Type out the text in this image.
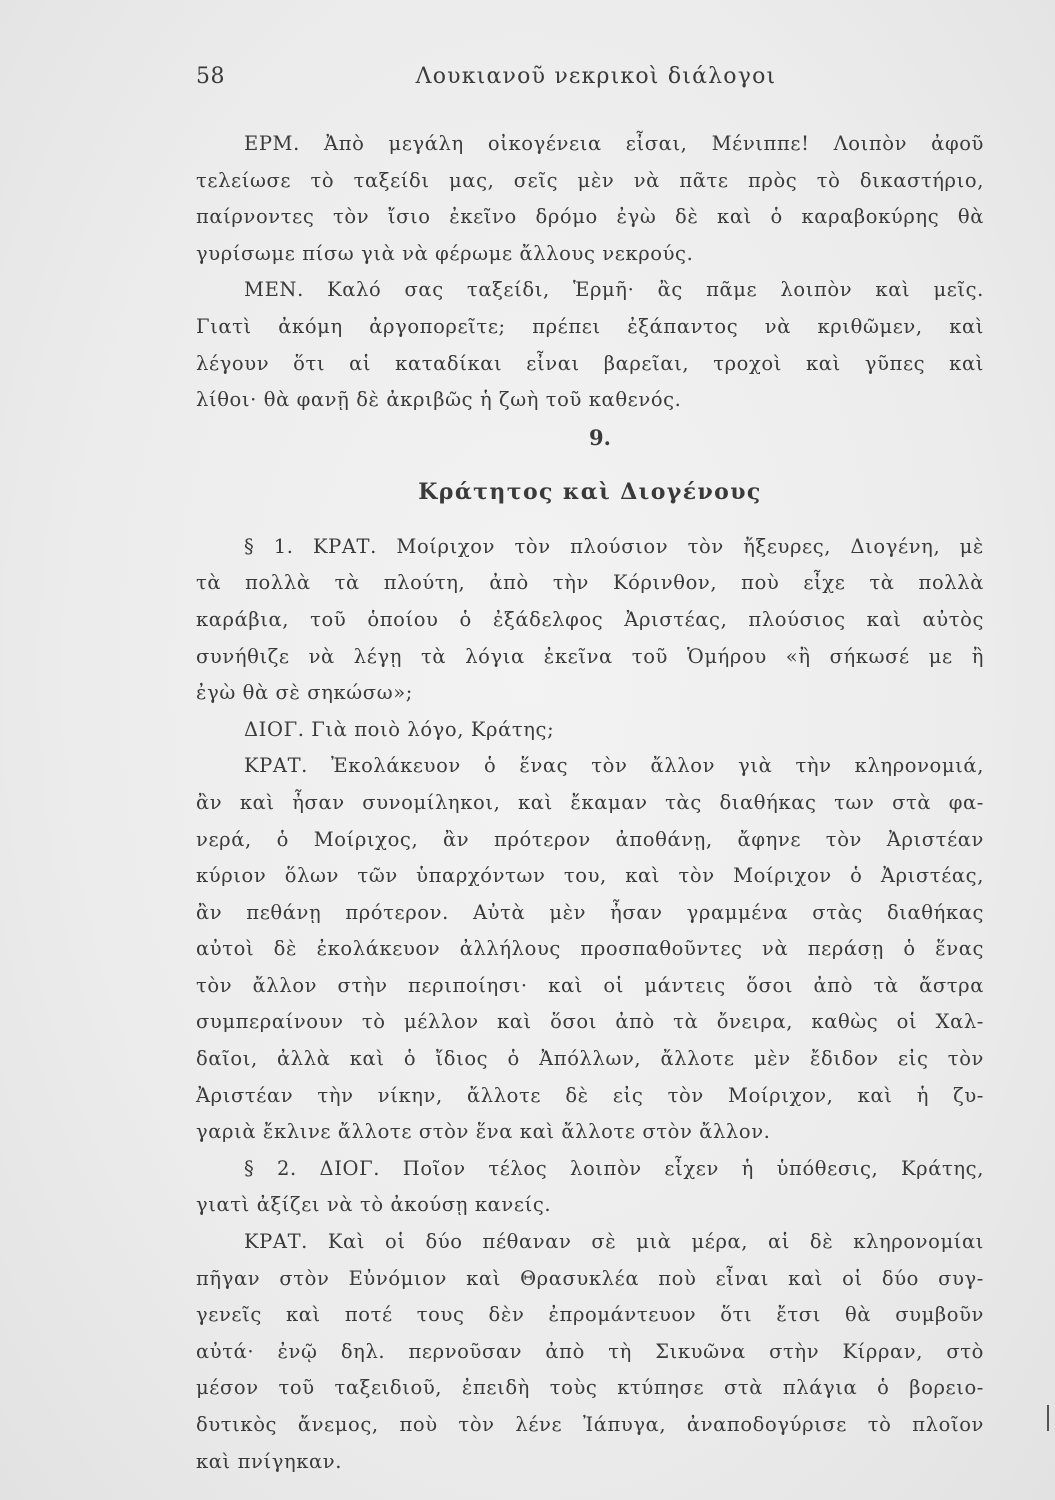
58	Λουκιανοῦ νεκρικοὶ διάλογοι
ΕΡΜ. Ἀπὸ μεγάλη οἰκογένεια εἶσαι, Μένιππε! Λοιπὸν ἀφοῦ
τελείωσε τὸ ταξείδι μας, σεῖς μὲν νὰ πᾶτε πρὸς τὸ δικαστήριο,
παίρνοντες τὸν ἴσιο ἐκεῖνο δρόμο ἐγὼ δὲ καὶ ὁ καραβοκύρης θὰ
γυρίσωμε πίσω γιὰ νὰ φέρωμε ἄλλους νεκρούς.
ΜΕΝ. Καλό σας ταξείδι, Ἑρμῆ· ἂς πᾶμε λοιπὸν καὶ μεῖς.
Γιατὶ ἀκόμη ἀργοπορεῖτε; πρέπει ἐξάπαντος νὰ κριθῶμεν, καὶ
λέγουν ὅτι αἱ καταδίκαι εἶναι βαρεῖαι, τροχοὶ καὶ γῦπες καὶ
λίθοι· θὰ φανῇ δὲ ἀκριβῶς ἡ ζωὴ τοῦ καθενός.
9.
Κράτητος καὶ Διογένους
§ 1. ΚΡΑΤ. Μοίριχον τὸν πλούσιον τὸν ἤξευρες, Διογένη, μὲ
τὰ πολλὰ τὰ πλούτη, ἀπὸ τὴν Κόρινθον, ποὺ εἶχε τὰ πολλὰ
καράβια, τοῦ ὁποίου ὁ ἐξάδελφος Ἀριστέας, πλούσιος καὶ αὐτὸς
συνήθιζε νὰ λέγῃ τὰ λόγια ἐκεῖνα τοῦ Ὁμήρου «ἢ σήκωσέ με ἢ
ἐγὼ θὰ σὲ σηκώσω»;
ΔΙΟΓ. Γιὰ ποιὸ λόγο, Κράτης;
ΚΡΑΤ. Ἐκολάκευον ὁ ἕνας τὸν ἄλλον γιὰ τὴν κληρονομιά,
ἂν καὶ ἦσαν συνομίληκοι, καὶ ἔκαμαν τὰς διαθήκας των στὰ φα-
νερά, ὁ Μοίριχος, ἂν πρότερον ἀποθάνῃ, ἄφηνε τὸν Ἀριστέαν
κύριον ὅλων τῶν ὑπαρχόντων του, καὶ τὸν Μοίριχον ὁ Ἀριστέας,
ἂν πεθάνῃ πρότερον. Αὐτὰ μὲν ἦσαν γραμμένα στὰς διαθήκας
αὐτοὶ δὲ ἐκολάκευον ἀλλήλους προσπαθοῦντες νὰ περάσῃ ὁ ἕνας
τὸν ἄλλον στὴν περιποίησι· καὶ οἱ μάντεις ὅσοι ἀπὸ τὰ ἄστρα
συμπεραίνουν τὸ μέλλον καὶ ὅσοι ἀπὸ τὰ ὄνειρα, καθὼς οἱ Χαλ-
δαῖοι, ἀλλὰ καὶ ὁ ἴδιος ὁ Ἀπόλλων, ἄλλοτε μὲν ἔδιδον εἰς τὸν
Ἀριστέαν τὴν νίκην, ἄλλοτε δὲ εἰς τὸν Μοίριχον, καὶ ἡ ζυ-
γαριὰ ἔκλινε ἄλλοτε στὸν ἕνα καὶ ἄλλοτε στὸν ἄλλον.
§ 2. ΔΙΟΓ. Ποῖον τέλος λοιπὸν εἶχεν ἡ ὑπόθεσις, Κράτης,
γιατὶ ἀξίζει νὰ τὸ ἀκούσῃ κανείς.
ΚΡΑΤ. Καὶ οἱ δύο πέθαναν σὲ μιὰ μέρα, αἱ δὲ κληρονομίαι
πῆγαν στὸν Εὐνόμιον καὶ Θρασυκλέα ποὺ εἶναι καὶ οἱ δύο συγ-
γενεῖς καὶ ποτέ τους δὲν ἐπρομάντευον ὅτι ἔτσι θὰ συμβοῦν
αὐτά· ἐνῷ δηλ. περνοῦσαν ἀπὸ τὴ Σικυῶνα στὴν Κίρραν, στὸ
μέσον τοῦ ταξειδιοῦ, ἐπειδὴ τοὺς κτύπησε στὰ πλάγια ὁ βορειο-
δυτικὸς ἄνεμος, ποὺ τὸν λένε Ἰάπυγα, ἀναποδογύρισε τὸ πλοῖον
καὶ πνίγηκαν.
